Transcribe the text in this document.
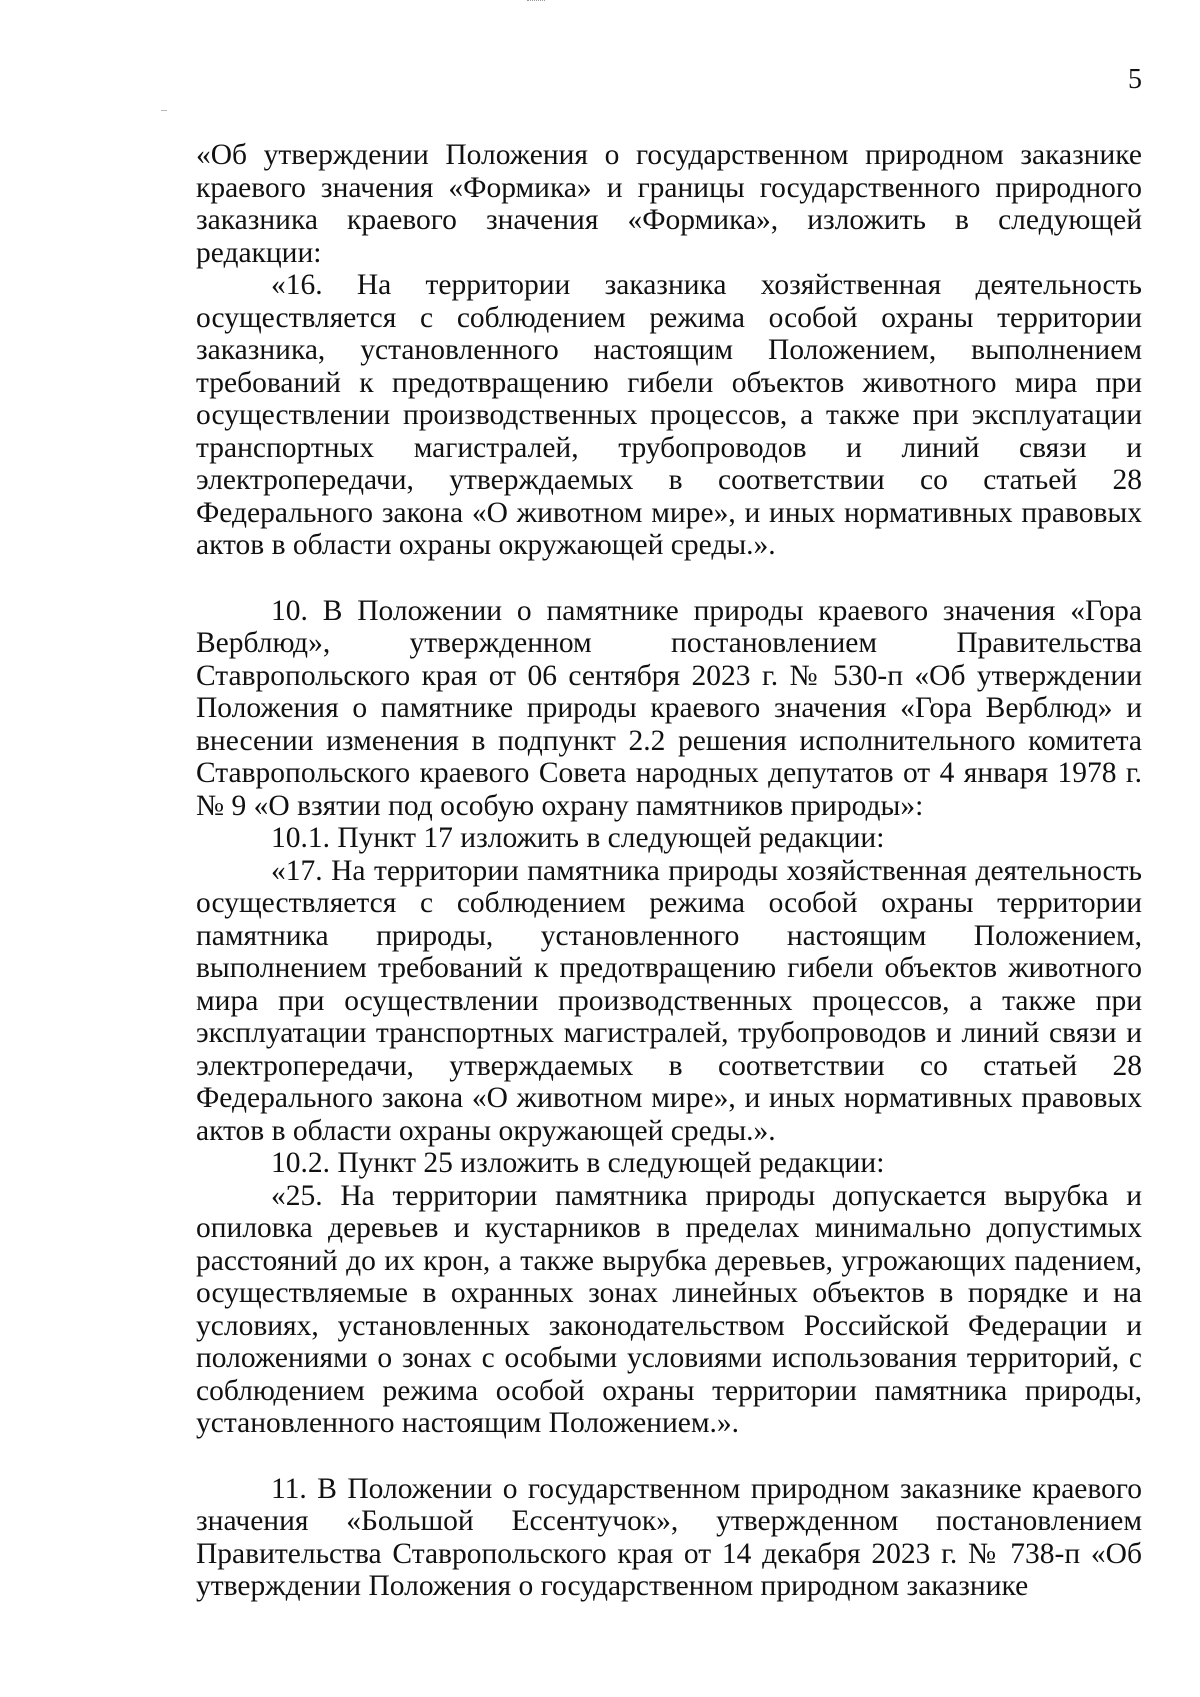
5

«Об утверждении Положения о государственном природном заказнике краевого значения «Формика» и границы государственного природного заказника краевого значения «Формика», изложить в следующей редакции:

«16. На территории заказника хозяйственная деятельность осуществляется с соблюдением режима особой охраны территории заказника, установленного настоящим Положением, выполнением требований к предотвращению гибели объектов животного мира при осуществлении производственных процессов, а также при эксплуатации транспортных магистралей, трубопроводов и линий связи и электропередачи, утверждаемых в соответствии со статьей 28 Федерального закона «О животном мире», и иных нормативных правовых актов в области охраны окружающей среды.».

10. В Положении о памятнике природы краевого значения «Гора Верблюд», утвержденном постановлением Правительства Ставропольского края от 06 сентября 2023 г. № 530-п «Об утверждении Положения о памятнике природы краевого значения «Гора Верблюд» и внесении изменения в подпункт 2.2 решения исполнительного комитета Ставропольского краевого Совета народных депутатов от 4 января 1978 г. № 9 «О взятии под особую охрану памятников природы»:

10.1. Пункт 17 изложить в следующей редакции:

«17. На территории памятника природы хозяйственная деятельность осуществляется с соблюдением режима особой охраны территории памятника природы, установленного настоящим Положением, выполнением требований к предотвращению гибели объектов животного мира при осуществлении производственных процессов, а также при эксплуатации транспортных магистралей, трубопроводов и линий связи и электропередачи, утверждаемых в соответствии со статьей 28 Федерального закона «О животном мире», и иных нормативных правовых актов в области охраны окружающей среды.».

10.2. Пункт 25 изложить в следующей редакции:

«25. На территории памятника природы допускается вырубка и опиловка деревьев и кустарников в пределах минимально допустимых расстояний до их крон, а также вырубка деревьев, угрожающих падением, осуществляемые в охранных зонах линейных объектов в порядке и на условиях, установленных законодательством Российской Федерации и положениями о зонах с особыми условиями использования территорий, с соблюдением режима особой охраны территории памятника природы, установленного настоящим Положением.».

11. В Положении о государственном природном заказнике краевого значения «Большой Ессентучок», утвержденном постановлением Правительства Ставропольского края от 14 декабря 2023 г. № 738-п «Об утверждении Положения о государственном природном заказнике
